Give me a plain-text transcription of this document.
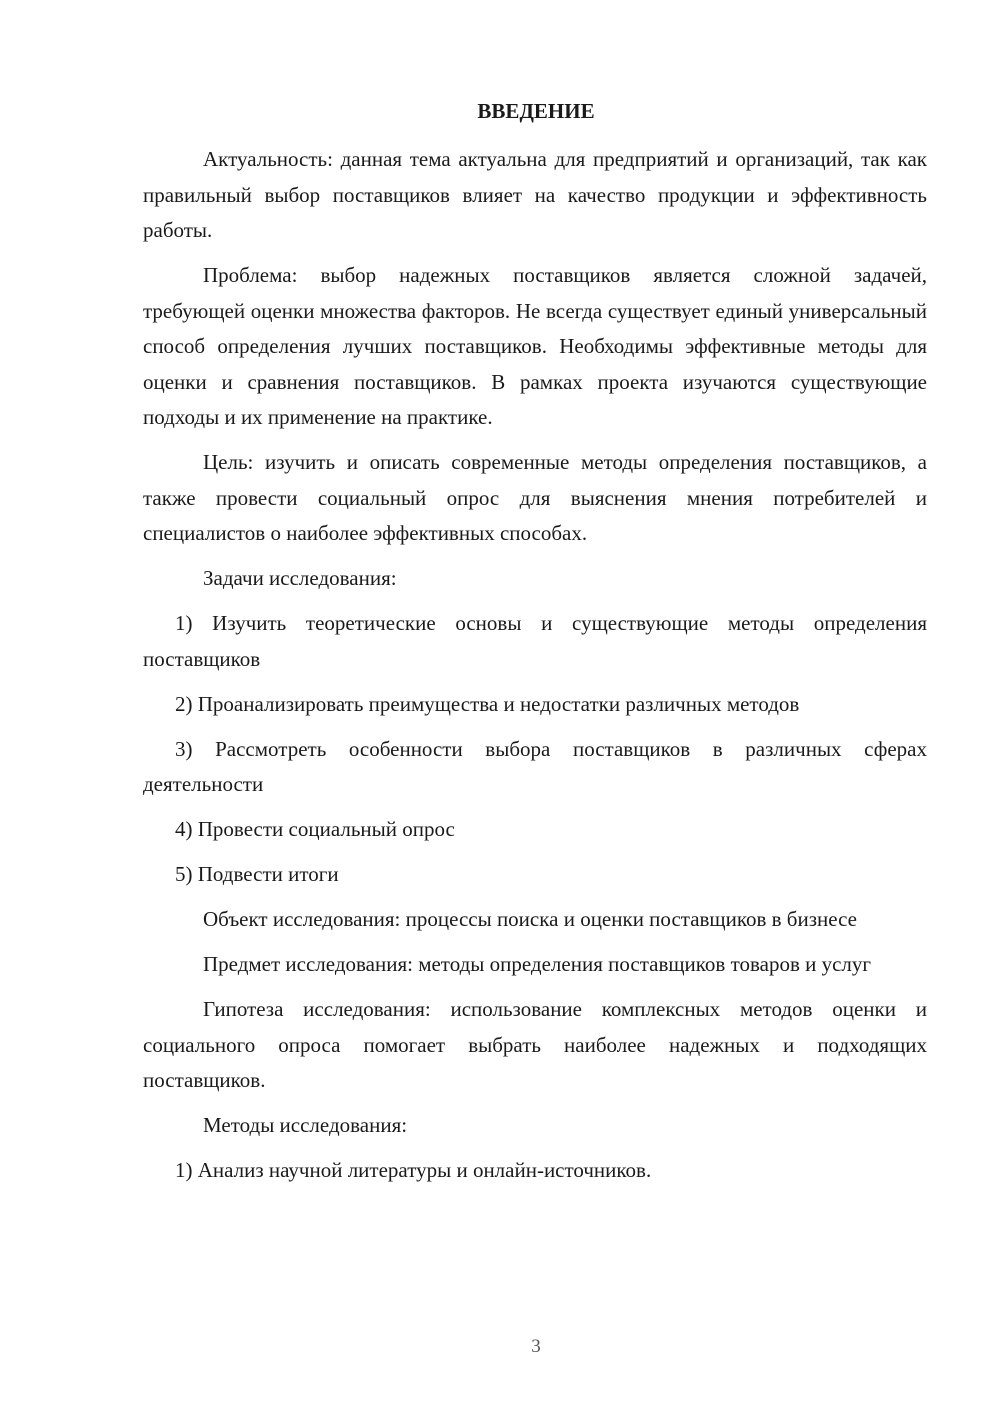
ВВЕДЕНИЕ

Актуальность: данная тема актуальна для предприятий и организаций, так как правильный выбор поставщиков влияет на качество продукции и эффективность работы.

Проблема: выбор надежных поставщиков является сложной задачей, требующей оценки множества факторов. Не всегда существует единый универсальный способ определения лучших поставщиков. Необходимы эффективные методы для оценки и сравнения поставщиков. В рамках проекта изучаются существующие подходы и их применение на практике.

Цель: изучить и описать современные методы определения поставщиков, а также провести социальный опрос для выяснения мнения потребителей и специалистов о наиболее эффективных способах.

Задачи исследования:

1) Изучить теоретические основы и существующие методы определения поставщиков

2) Проанализировать преимущества и недостатки различных методов

3) Рассмотреть особенности выбора поставщиков в различных сферах деятельности

4) Провести социальный опрос

5) Подвести итоги

Объект исследования: процессы поиска и оценки поставщиков в бизнесе

Предмет исследования: методы определения поставщиков товаров и услуг

Гипотеза исследования: использование комплексных методов оценки и социального опроса помогает выбрать наиболее надежных и подходящих поставщиков.

Методы исследования:

1) Анализ научной литературы и онлайн-источников.

3
